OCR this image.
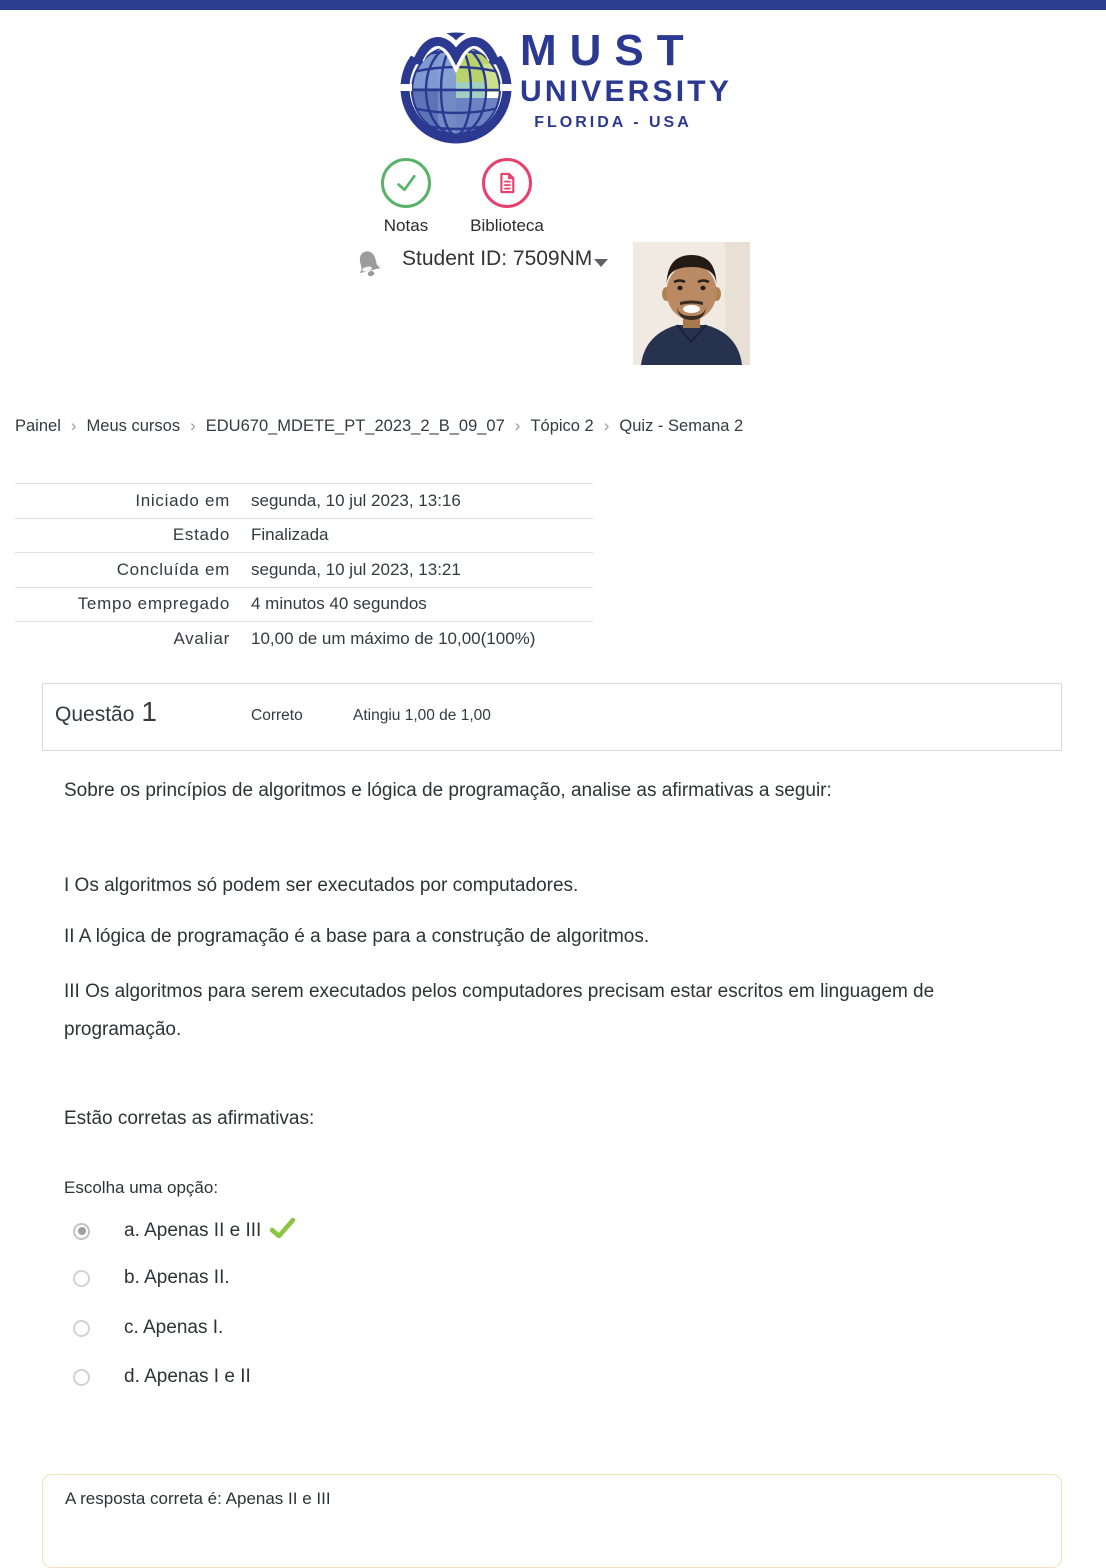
MUST
UNIVERSITY
FLORIDA - USA
Notas	Biblioteca
Student ID: 7509NM
Painel › Meus cursos › EDU670_MDETE_PT_2023_2_B_09_07 › Tópico 2 › Quiz - Semana 2
Iniciado em	segunda, 10 jul 2023, 13:16
Estado	Finalizada
Concluída em	segunda, 10 jul 2023, 13:21
Tempo empregado	4 minutos 40 segundos
Avaliar	10,00 de um máximo de 10,00(100%)
Questão 1	Correto	Atingiu 1,00 de 1,00
Sobre os princípios de algoritmos e lógica de programação, analise as afirmativas a seguir:
I Os algoritmos só podem ser executados por computadores.
II A lógica de programação é a base para a construção de algoritmos.
III Os algoritmos para serem executados pelos computadores precisam estar escritos em linguagem de programação.
Estão corretas as afirmativas:
Escolha uma opção:
a. Apenas II e III
b. Apenas II.
c. Apenas I.
d. Apenas I e II
A resposta correta é: Apenas II e III
